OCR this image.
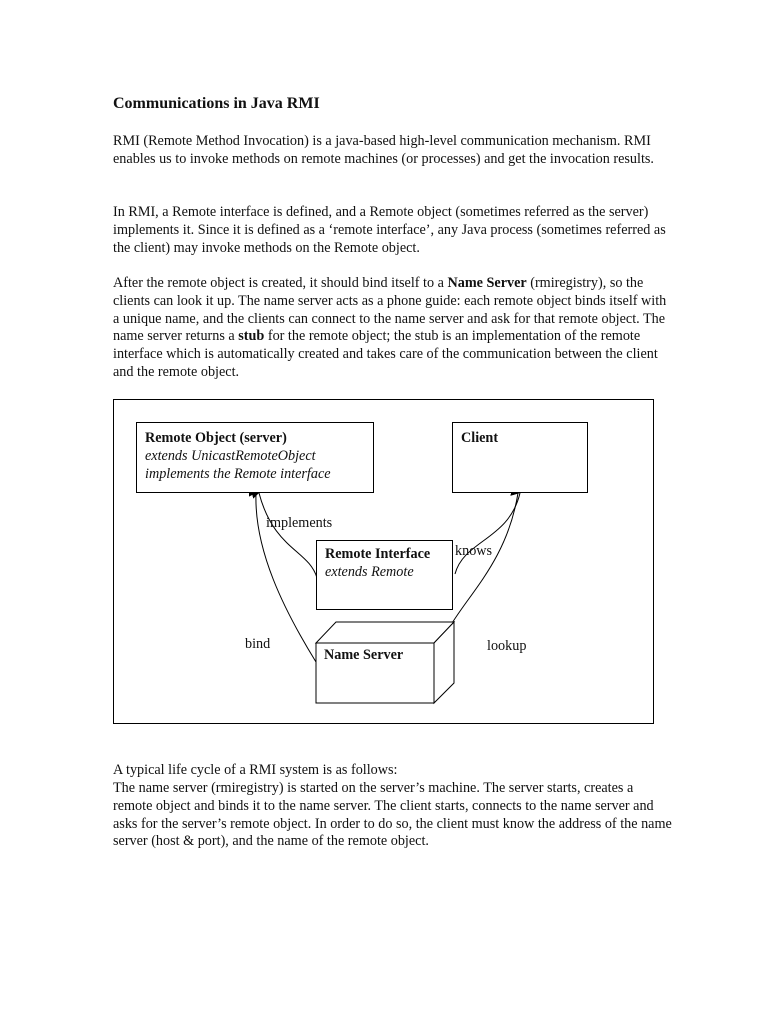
Communications in Java RMI

RMI (Remote Method Invocation) is a java-based high-level communication mechanism. RMI enables us to invoke methods on remote machines (or processes) and get the invocation results.

In RMI, a Remote interface is defined, and a Remote object (sometimes referred as the server) implements it. Since it is defined as a ‘remote interface’, any Java process (sometimes referred as the client) may invoke methods on the Remote object.

After the remote object is created, it should bind itself to a Name Server (rmiregistry), so the clients can look it up. The name server acts as a phone guide: each remote object binds itself with a unique name, and the clients can connect to the name server and ask for that remote object. The name server returns a stub for the remote object; the stub is an implementation of the remote interface which is automatically created and takes care of the communication between the client and the remote object.

Remote Object (server)
extends UnicastRemoteObject
implements the Remote interface
Client
Remote Interface
extends Remote
Name Server
implements
knows
bind	lookup

A typical life cycle of a RMI system is as follows:

The name server (rmiregistry) is started on the server’s machine. The server starts, creates a remote object and binds it to the name server. The client starts, connects to the name server and asks for the server’s remote object. In order to do so, the client must know the address of the name server (host & port), and the name of the remote object.
